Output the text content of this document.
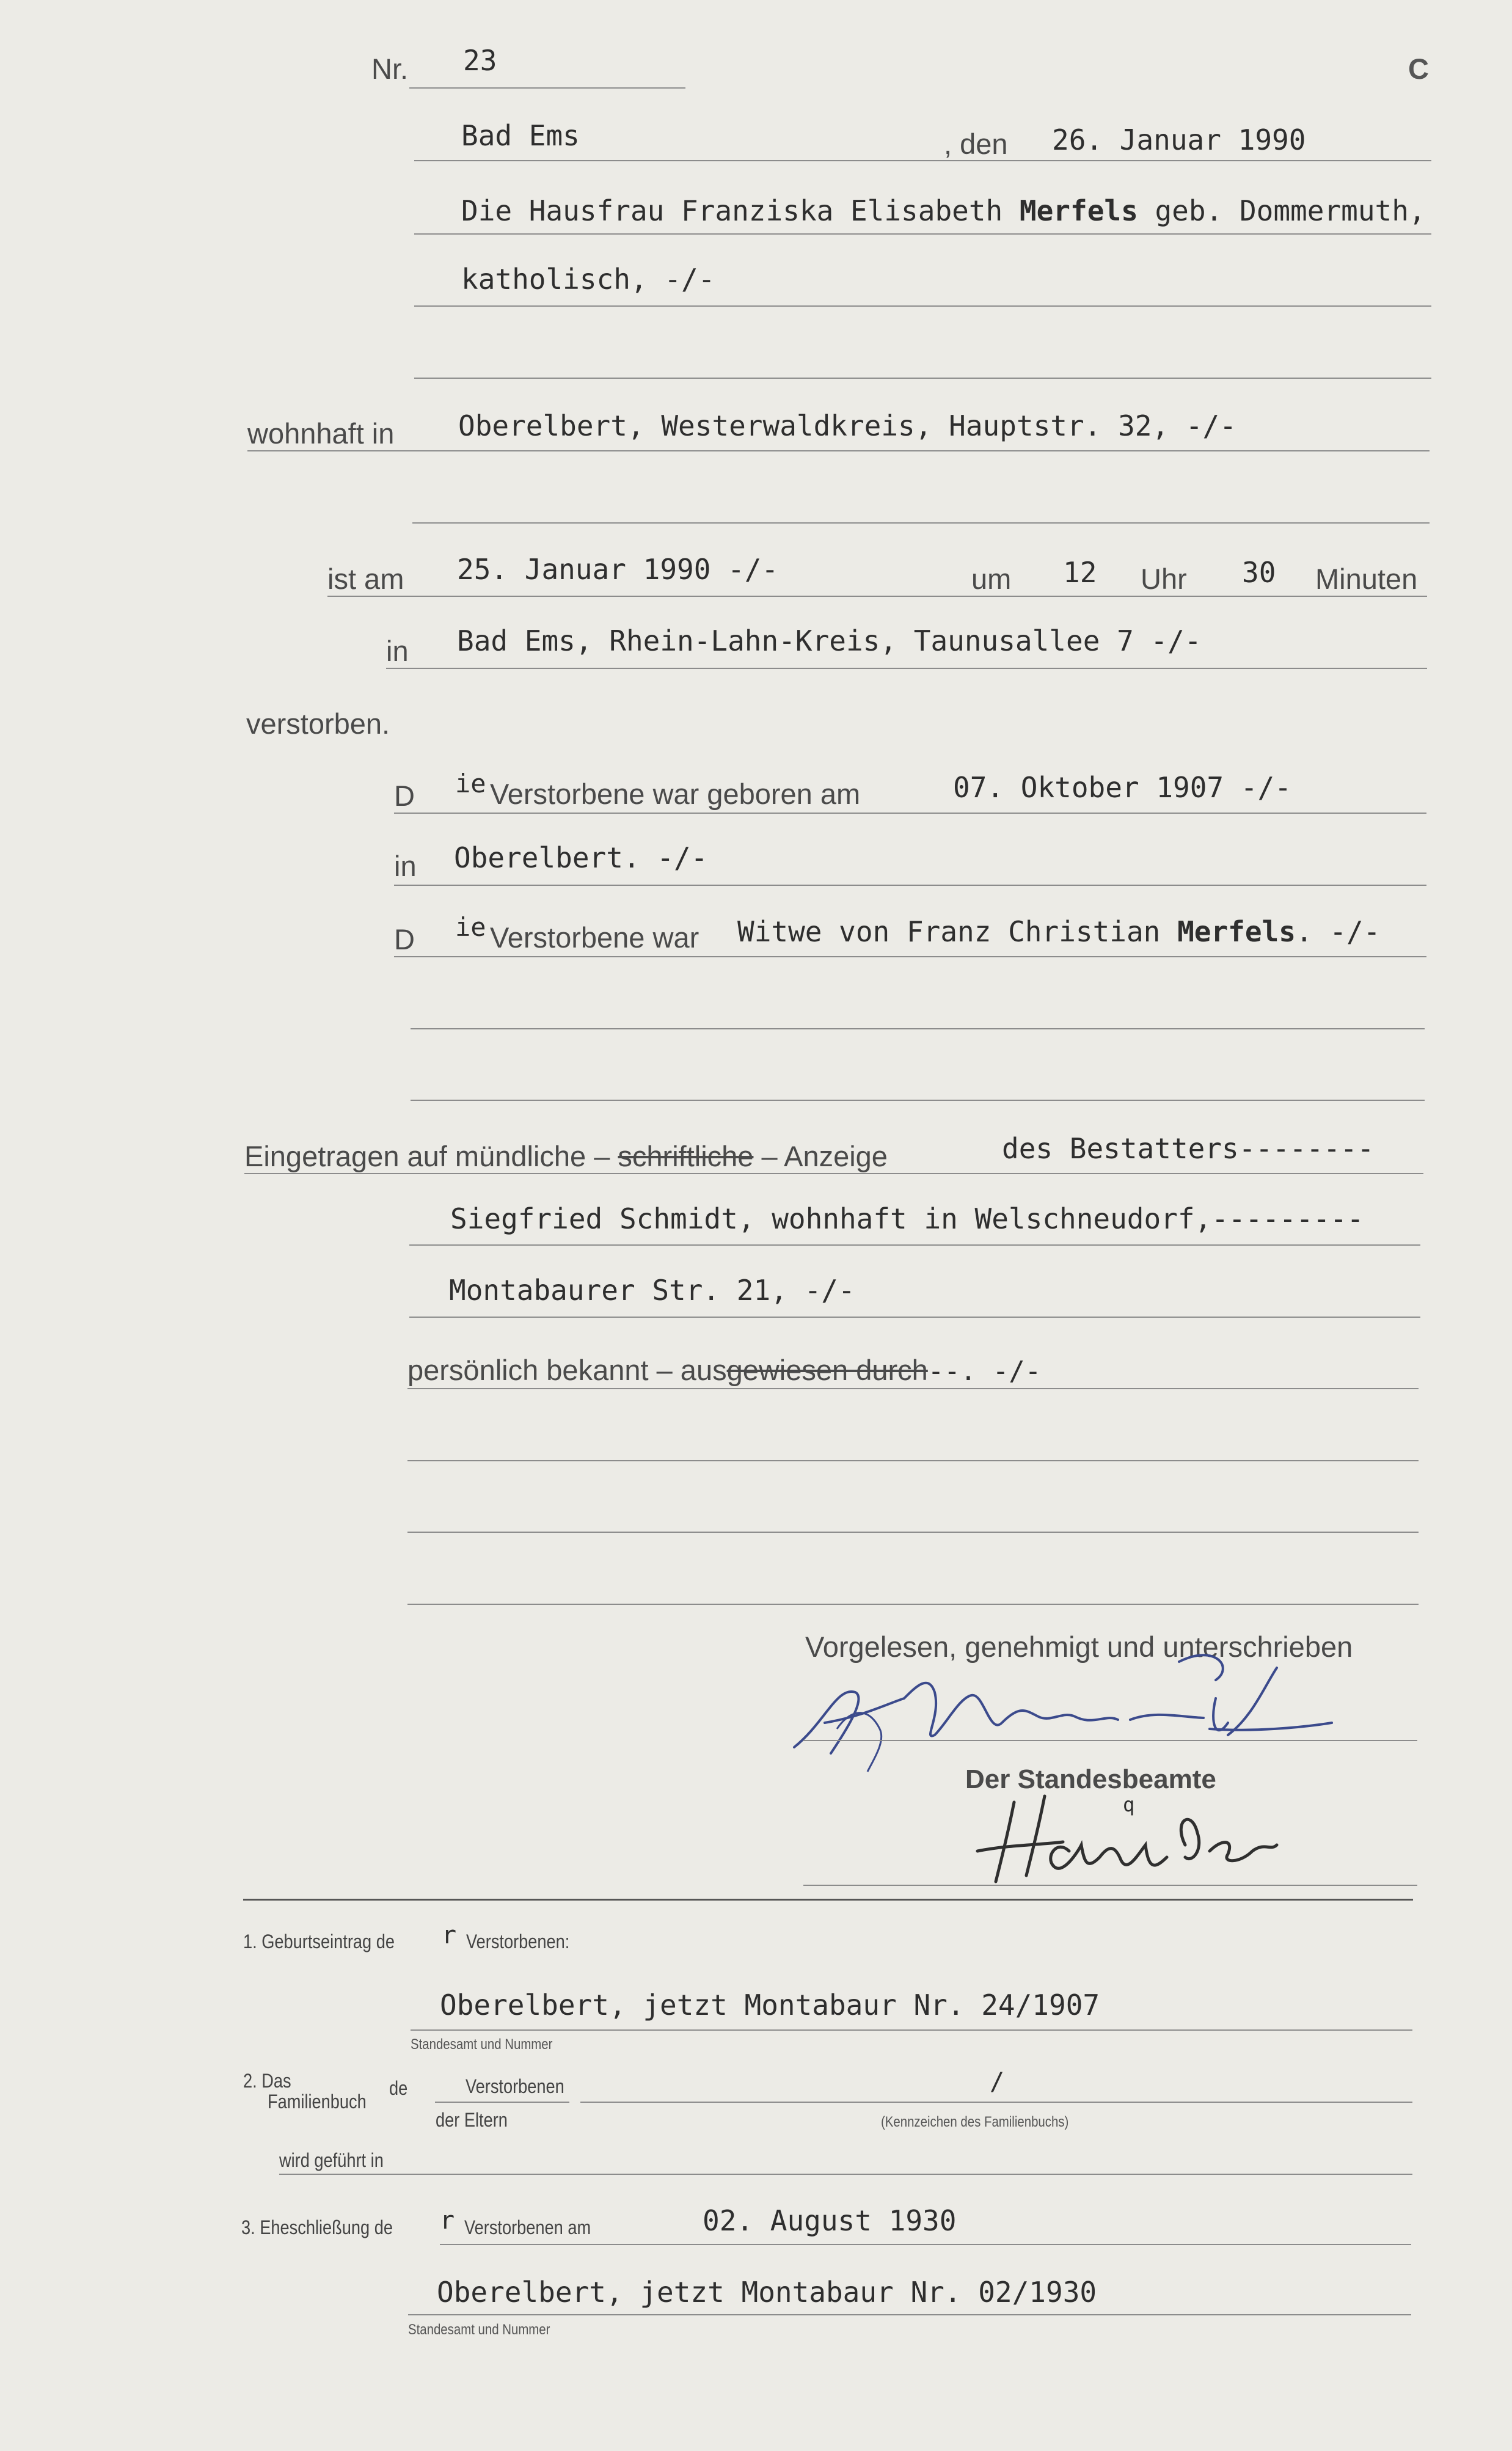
Nr. 23	C
Bad Ems	, den 26. Januar 1990
Die Hausfrau Franziska Elisabeth Merfels geb. Dommermuth,
katholisch, -/-
wohnhaft in Oberelbert, Westerwaldkreis, Hauptstr. 32, -/-
ist am 25. Januar 1990 -/-	um 12 Uhr 30 Minuten
in Bad Ems, Rhein-Lahn-Kreis, Taunusallee 7 -/-
verstorben.
D ie Verstorbene war geboren am	07. Oktober 1907 -/-
in Oberelbert. -/-
D ie Verstorbene war Witwe von Franz Christian Merfels. -/-
Eingetragen auf mündliche – schriftliche – Anzeige	des Bestatters--------
Siegfried Schmidt, wohnhaft in Welschneudorf,---------
Montabaurer Str. 21, -/-
persönlich bekannt – ausgewiesen durch--. -/-
Vorgelesen, genehmigt und unterschrieben
Der Standesbeamte
q
1. Geburtseintrag de r Verstorbenen:
Oberelbert, jetzt Montabaur Nr. 24/1907
Standesamt und Nummer
2. Das
Familienbuch
de	Verstorbenen
der Eltern
/
(Kennzeichen des Familienbuchs)
wird geführt in
3. Eheschließung de r Verstorbenen am	02. August 1930
Oberelbert, jetzt Montabaur Nr. 02/1930
Standesamt und Nummer
